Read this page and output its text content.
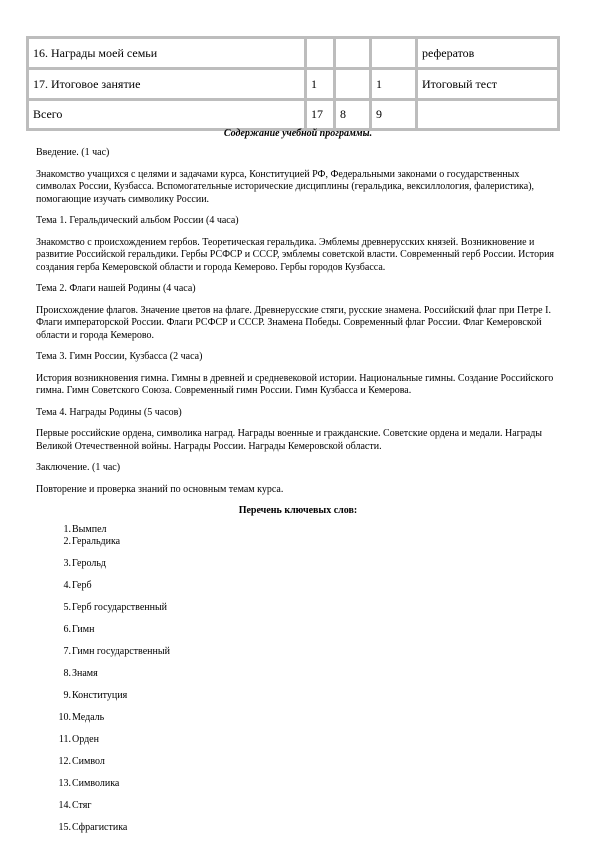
16. Награды моей семьи				рефератов
17. Итоговое занятие	1		1	Итоговый тест
Всего	17	8	9	

Содержание учебной программы.

Введение. (1 час)

Знакомство учащихся с целями и задачами курса, Конституцией РФ, Федеральными законами о государственных символах России, Кузбасса. Вспомогательные исторические дисциплины (геральдика, вексиллология, фалеристика), помогающие изучать символику России.

Тема 1. Геральдический альбом России (4 часа)

Знакомство с происхождением гербов. Теоретическая геральдика. Эмблемы древнерусских князей. Возникновение и развитие Российской геральдики. Гербы РСФСР и СССР, эмблемы советской власти. Современный герб России. История создания герба Кемеровской области и города Кемерово. Гербы городов Кузбасса.

Тема 2. Флаги нашей Родины (4 часа)

Происхождение флагов. Значение цветов на флаге. Древнерусские стяги, русские знамена. Российский флаг при Петре I. Флаги императорской России. Флаги РСФСР и СССР. Знамена Победы. Современный флаг России. Флаг Кемеровской области и города Кемерово.

Тема 3. Гимн России, Кузбасса (2 часа)

История возникновения гимна. Гимны в древней и средневековой истории. Национальные гимны. Создание Российского гимна. Гимн Советского Союза. Современный гимн России. Гимн Кузбасса и Кемерова.

Тема 4. Награды Родины (5 часов)

Первые российские ордена, символика наград. Награды военные и гражданские. Советские ордена и медали. Награды Великой Отечественной войны. Награды России. Награды Кемеровской области.

Заключение. (1 час)

Повторение и проверка знаний по основным темам курса.

Перечень ключевых слов:

1. Вымпел
2. Геральдика
3. Герольд
4. Герб
5. Герб государственный
6. Гимн
7. Гимн государственный
8. Знамя
9. Конституция
10. Медаль
11. Орден
12. Символ
13. Символика
14. Стяг
15. Сфрагистика
